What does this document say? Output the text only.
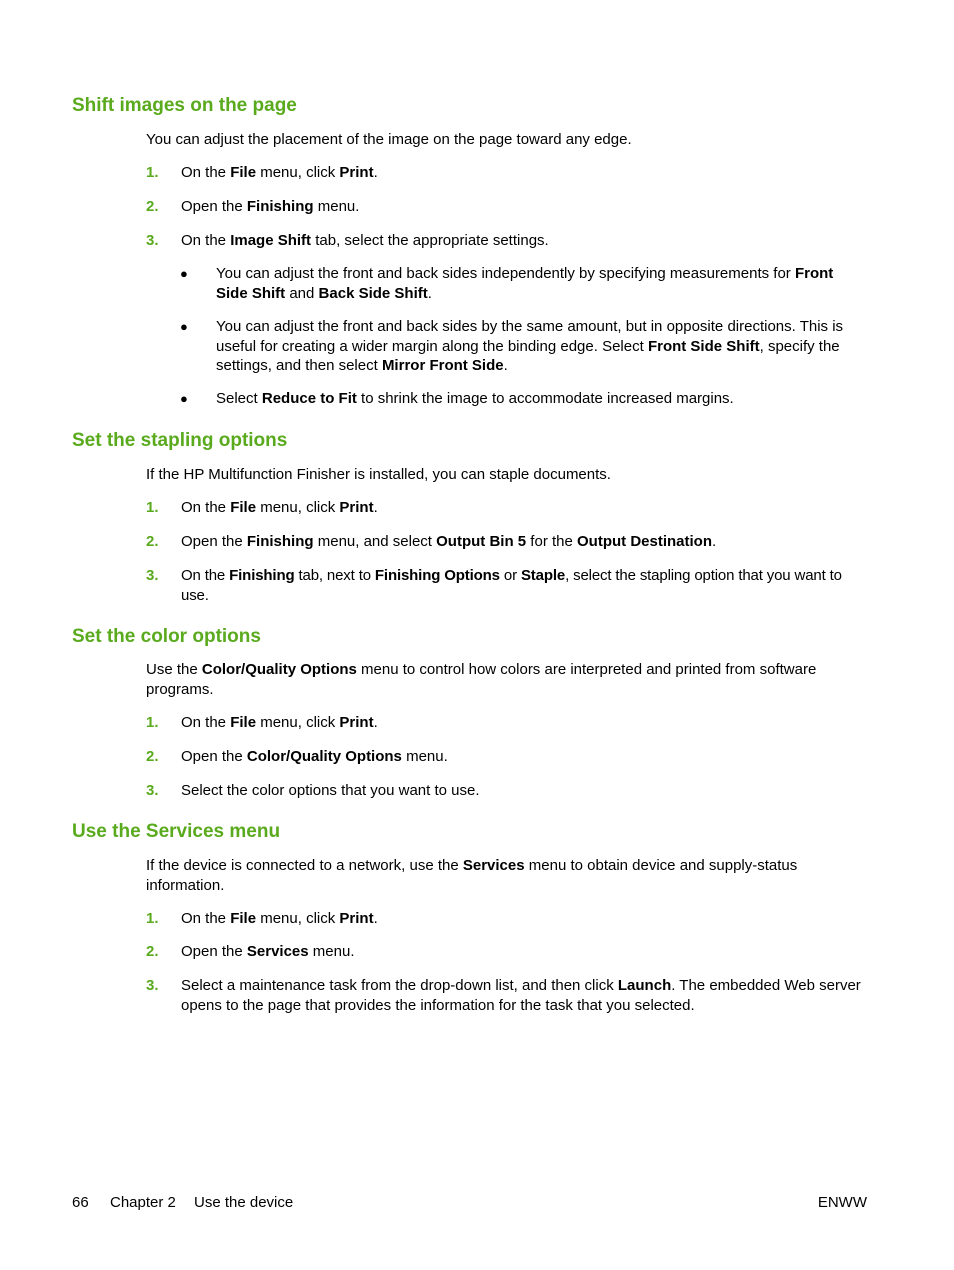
Shift images on the page

You can adjust the placement of the image on the page toward any edge.

1. On the File menu, click Print.
2. Open the Finishing menu.
3. On the Image Shift tab, select the appropriate settings.
● You can adjust the front and back sides independently by specifying measurements for Front Side Shift and Back Side Shift.
● You can adjust the front and back sides by the same amount, but in opposite directions. This is useful for creating a wider margin along the binding edge. Select Front Side Shift, specify the settings, and then select Mirror Front Side.
● Select Reduce to Fit to shrink the image to accommodate increased margins.
Set the stapling options

If the HP Multifunction Finisher is installed, you can staple documents.

1. On the File menu, click Print.
2. Open the Finishing menu, and select Output Bin 5 for the Output Destination.
3. On the Finishing tab, next to Finishing Options or Staple, select the stapling option that you want to use.
Set the color options

Use the Color/Quality Options menu to control how colors are interpreted and printed from software programs.

1. On the File menu, click Print.
2. Open the Color/Quality Options menu.
3. Select the color options that you want to use.
Use the Services menu

If the device is connected to a network, use the Services menu to obtain device and supply-status information.

1. On the File menu, click Print.
2. Open the Services menu.
3. Select a maintenance task from the drop-down list, and then click Launch. The embedded Web server opens to the page that provides the information for the task that you selected.
66 Chapter 2 Use the device	ENWW
